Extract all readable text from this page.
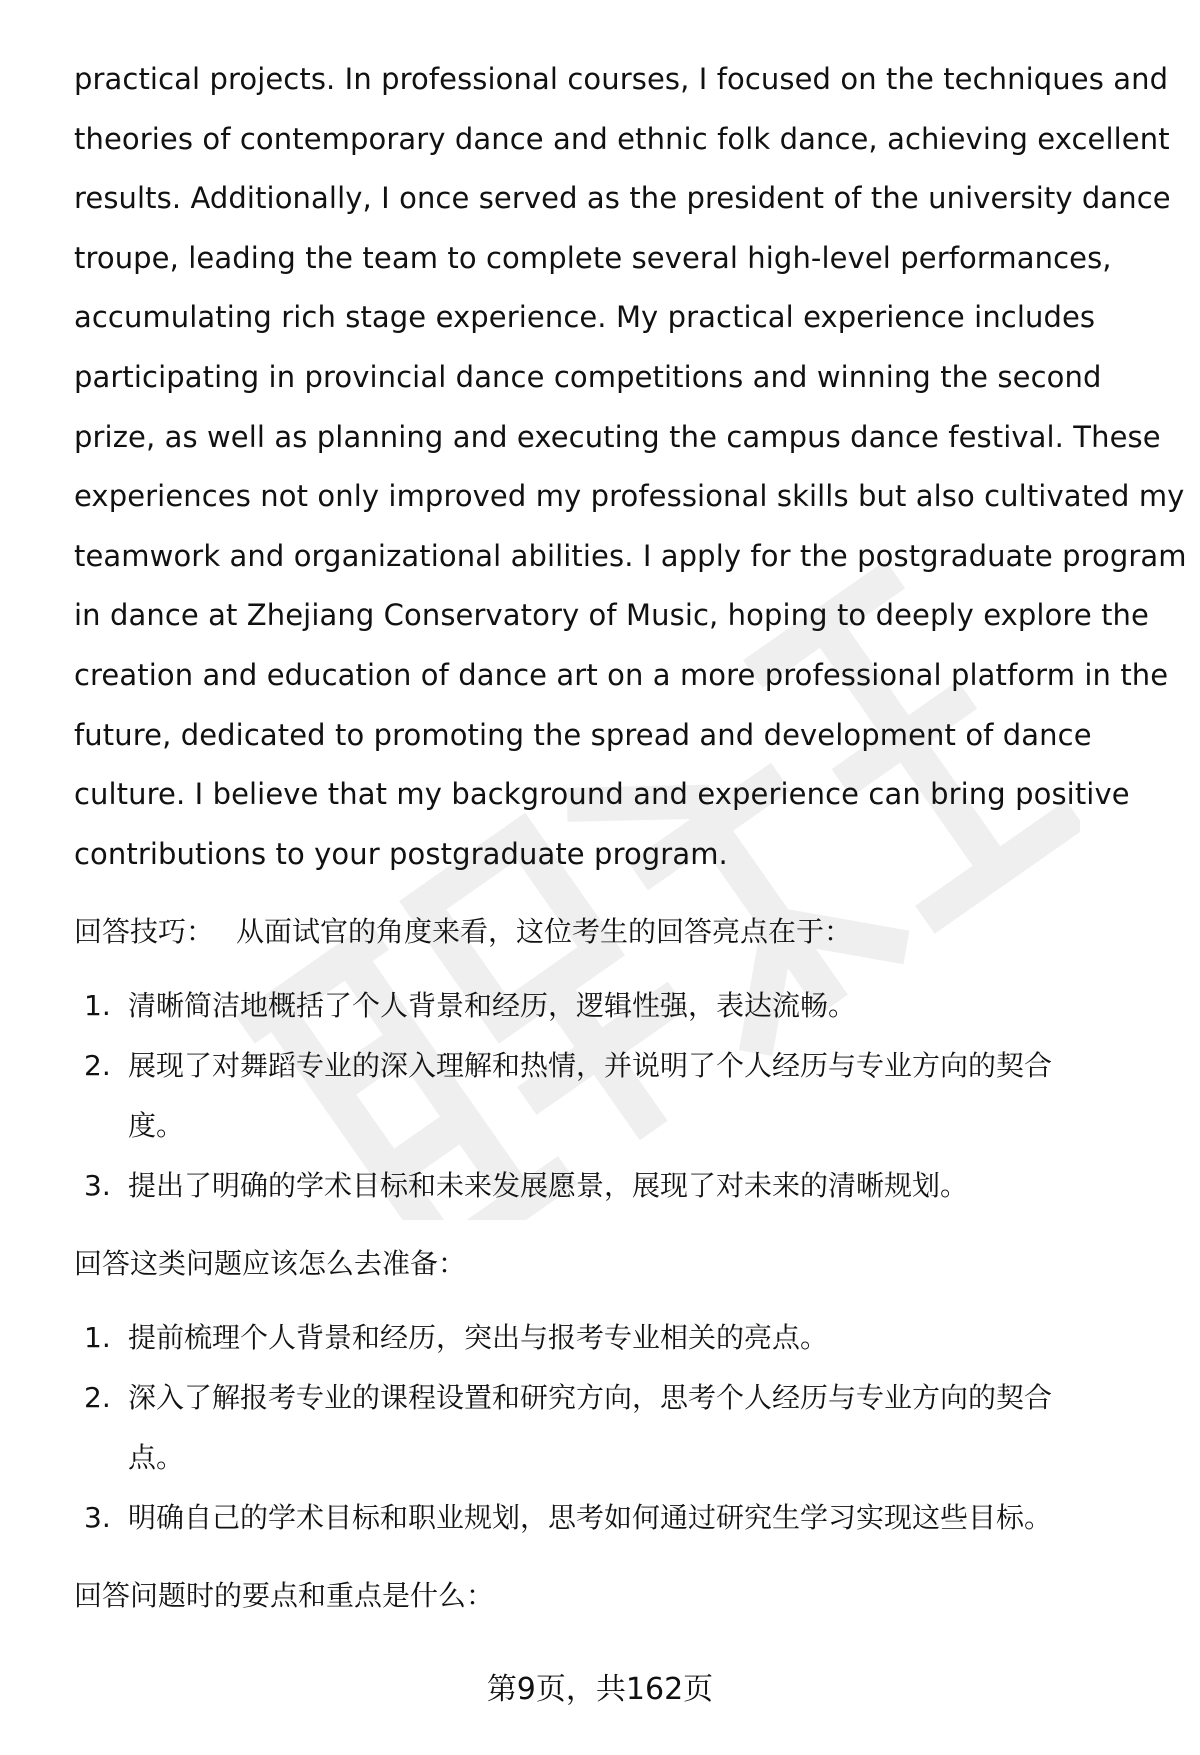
practical projects. In professional courses, I focused on the techniques and
theories of contemporary dance and ethnic folk dance, achieving excellent
results. Additionally, I once served as the president of the university dance
troupe, leading the team to complete several high-level performances,
accumulating rich stage experience. My practical experience includes
participating in provincial dance competitions and winning the second
prize, as well as planning and executing the campus dance festival. These
experiences not only improved my professional skills but also cultivated my
teamwork and organizational abilities. I apply for the postgraduate program
in dance at Zhejiang Conservatory of Music, hoping to deeply explore the
creation and education of dance art on a more professional platform in the
future, dedicated to promoting the spread and development of dance
culture. I believe that my background and experience can bring positive
contributions to your postgraduate program.

回答技巧： 从面试官的角度来看，这位考生的回答亮点在于：

1. 清晰简洁地概括了个人背景和经历，逻辑性强，表达流畅。
2. 展现了对舞蹈专业的深入理解和热情，并说明了个人经历与专业方向的契合
度。
3. 提出了明确的学术目标和未来发展愿景，展现了对未来的清晰规划。

回答这类问题应该怎么去准备：

1. 提前梳理个人背景和经历，突出与报考专业相关的亮点。
2. 深入了解报考专业的课程设置和研究方向，思考个人经历与专业方向的契合
点。
3. 明确自己的学术目标和职业规划，思考如何通过研究生学习实现这些目标。

回答问题时的要点和重点是什么：

第9页，共162页
